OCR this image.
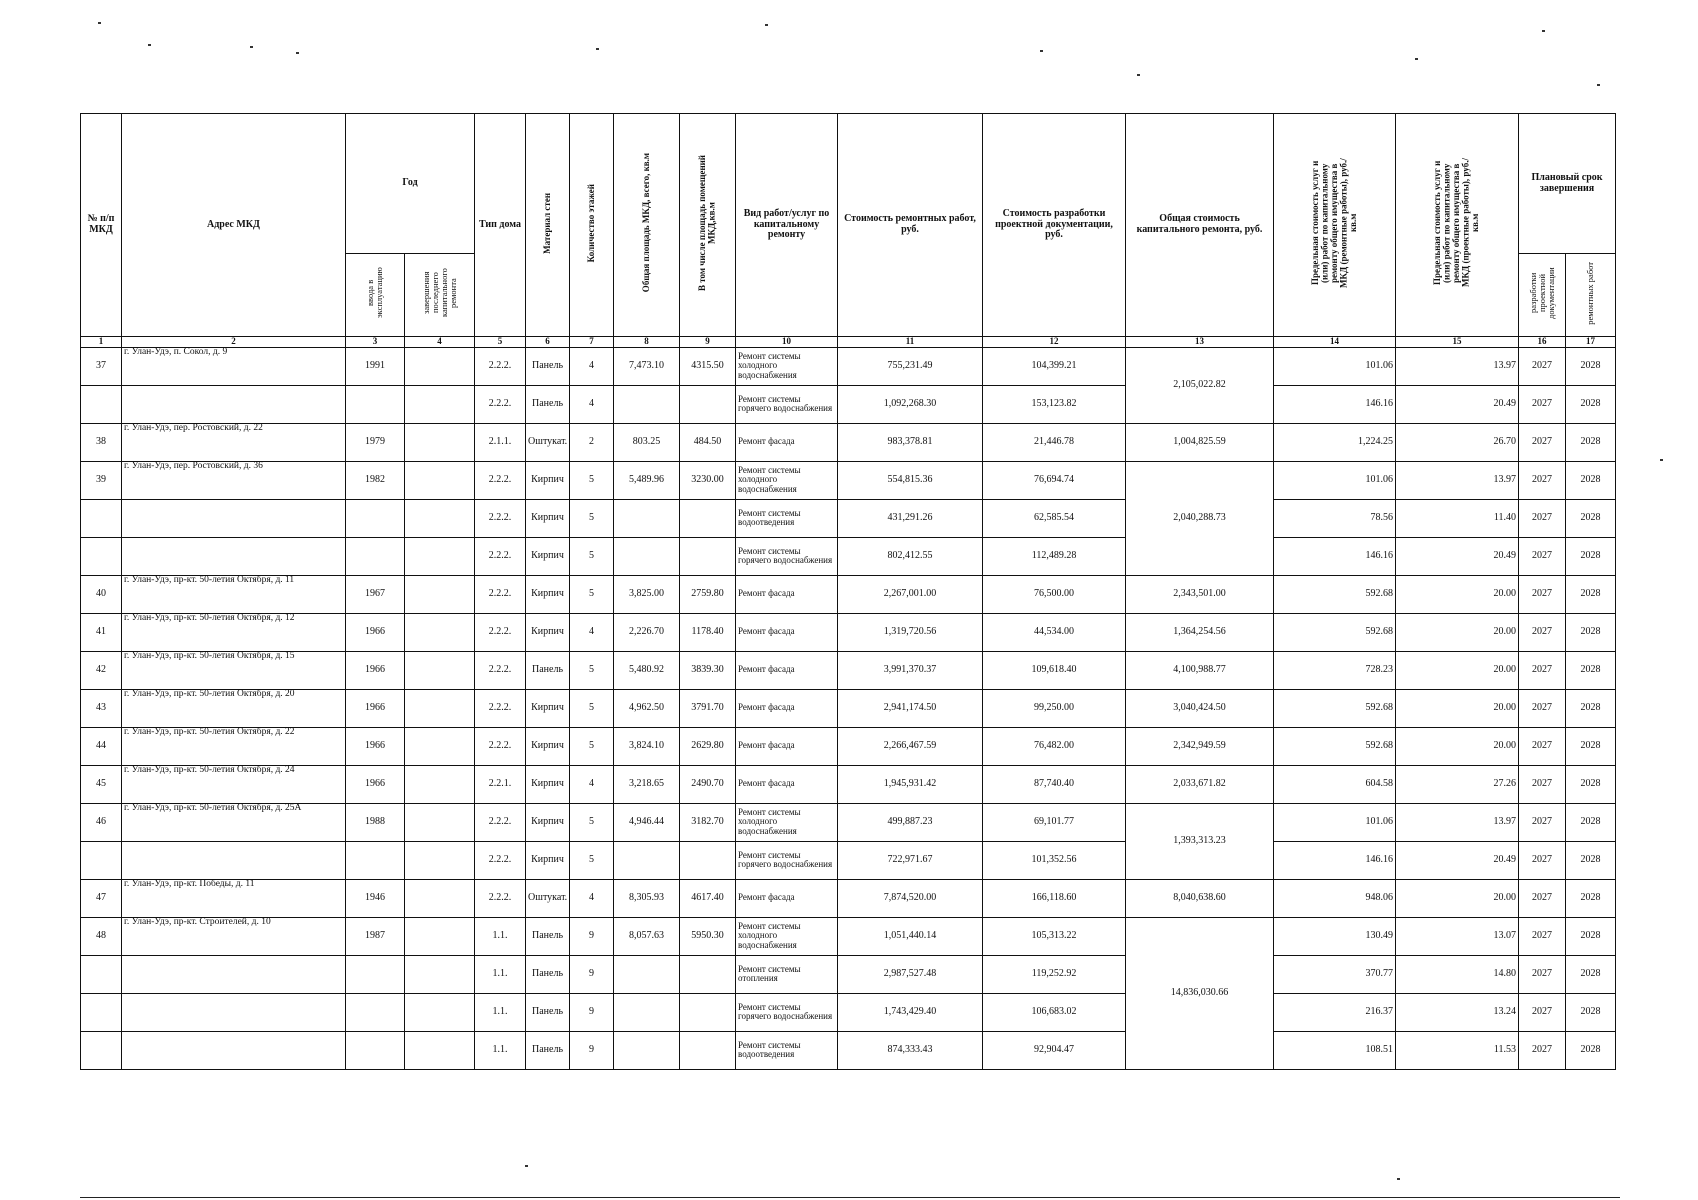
№ п/п МКД	Адрес МКД	Год		Тип дома	Материал стен	Количество этажей	Общая площадь МКД, всего, кв.м	В том числе площадь помещений МКД,кв.м	Вид работ/услуг по капитальному ремонту	Стоимость ремонтных работ, руб.	Стоимость разработки проектной документации, руб.	Общая стоимость капитального ремонта, руб.	Предельная стоимость услуг и (или) работ по капитальному ремонту общего имущества в МКД (ремонтные работы), руб./кв.м	Предельная стоимость услуг и (или) работ по капитальному ремонту общего имущества в МКД (проектные работы), руб./кв.м	Плановый срок завершения	
		ввода в эксплуатацию	завершения последнего капитального ремонта												разработки проектной документации	ремонтных работ
1	2	3	4	5	6	7	8	9	10	11	12	13	14	15	16	17
37	г. Улан-Удэ, п. Сокол, д. 9	1991		2.2.2.	Панель	4	7,473.10	4315.50	Ремонт системы холодного водоснабжения	755,231.49	104,399.21	2,105,022.82	101.06	13.97	2027	2028
				2.2.2.	Панель	4			Ремонт системы горячего водоснабжения	1,092,268.30	153,123.82		146.16	20.49	2027	2028
38	г. Улан-Удэ, пер. Ростовский, д. 22	1979		2.1.1.	Оштукат.	2	803.25	484.50	Ремонт фасада	983,378.81	21,446.78	1,004,825.59	1,224.25	26.70	2027	2028
39	г. Улан-Удэ, пер. Ростовский, д. 36	1982		2.2.2.	Кирпич	5	5,489.96	3230.00	Ремонт системы холодного водоснабжения	554,815.36	76,694.74	2,040,288.73	101.06	13.97	2027	2028
				2.2.2.	Кирпич	5			Ремонт системы водоотведения	431,291.26	62,585.54		78.56	11.40	2027	2028
				2.2.2.	Кирпич	5			Ремонт системы горячего водоснабжения	802,412.55	112,489.28		146.16	20.49	2027	2028
40	г. Улан-Удэ, пр-кт. 50-летия Октября, д. 11	1967		2.2.2.	Кирпич	5	3,825.00	2759.80	Ремонт фасада	2,267,001.00	76,500.00	2,343,501.00	592.68	20.00	2027	2028
41	г. Улан-Удэ, пр-кт. 50-летия Октября, д. 12	1966		2.2.2.	Кирпич	4	2,226.70	1178.40	Ремонт фасада	1,319,720.56	44,534.00	1,364,254.56	592.68	20.00	2027	2028
42	г. Улан-Удэ, пр-кт. 50-летия Октября, д. 15	1966		2.2.2.	Панель	5	5,480.92	3839.30	Ремонт фасада	3,991,370.37	109,618.40	4,100,988.77	728.23	20.00	2027	2028
43	г. Улан-Удэ, пр-кт. 50-летия Октября, д. 20	1966		2.2.2.	Кирпич	5	4,962.50	3791.70	Ремонт фасада	2,941,174.50	99,250.00	3,040,424.50	592.68	20.00	2027	2028
44	г. Улан-Удэ, пр-кт. 50-летия Октября, д. 22	1966		2.2.2.	Кирпич	5	3,824.10	2629.80	Ремонт фасада	2,266,467.59	76,482.00	2,342,949.59	592.68	20.00	2027	2028
45	г. Улан-Удэ, пр-кт. 50-летия Октября, д. 24	1966		2.2.1.	Кирпич	4	3,218.65	2490.70	Ремонт фасада	1,945,931.42	87,740.40	2,033,671.82	604.58	27.26	2027	2028
46	г. Улан-Удэ, пр-кт. 50-летия Октября, д. 25А	1988		2.2.2.	Кирпич	5	4,946.44	3182.70	Ремонт системы холодного водоснабжения	499,887.23	69,101.77	1,393,313.23	101.06	13.97	2027	2028
				2.2.2.	Кирпич	5			Ремонт системы горячего водоснабжения	722,971.67	101,352.56		146.16	20.49	2027	2028
47	г. Улан-Удэ, пр-кт. Победы, д. 11	1946		2.2.2.	Оштукат.	4	8,305.93	4617.40	Ремонт фасада	7,874,520.00	166,118.60	8,040,638.60	948.06	20.00	2027	2028
48	г. Улан-Удэ, пр-кт. Строителей, д. 10	1987		1.1.	Панель	9	8,057.63	5950.30	Ремонт системы холодного водоснабжения	1,051,440.14	105,313.22	14,836,030.66	130.49	13.07	2027	2028
				1.1.	Панель	9			Ремонт системы отопления	2,987,527.48	119,252.92		370.77	14.80	2027	2028
				1.1.	Панель	9			Ремонт системы горячего водоснабжения	1,743,429.40	106,683.02		216.37	13.24	2027	2028
				1.1.	Панель	9			Ремонт системы водоотведения	874,333.43	92,904.47		108.51	11.53	2027	2028
